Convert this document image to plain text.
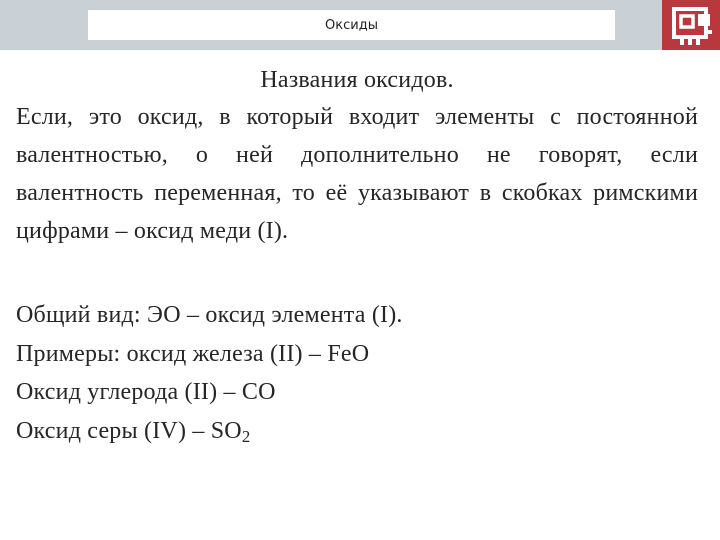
Оксиды

Названия оксидов.

Если, это оксид, в который входит элементы с постоянной валентностью, о ней дополнительно не говорят, если валентность переменная, то её указывают в скобках римскими цифрами – оксид меди (I).

Общий вид: ЭО – оксид элемента (I).
Примеры: оксид железа (II) – FeO
Оксид углерода (II) – CO
Оксид серы $(IV) - SO_2$
